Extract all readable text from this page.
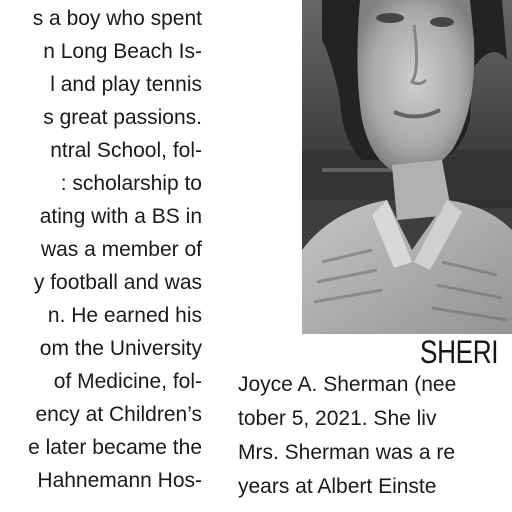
s a boy who spent
n Long Beach Is-
l and play tennis
s great passions.
ntral School, fol-
: scholarship to
ating with a BS in
was a member of
y football and was
n. He earned his
om the University
of Medicine, fol-
ency at Children’s
e later became the
Hahnemann Hos-
SHERI
Joyce A. Sherman (nee
tober 5, 2021. She liv
Mrs. Sherman was a re
years at Albert Einste
